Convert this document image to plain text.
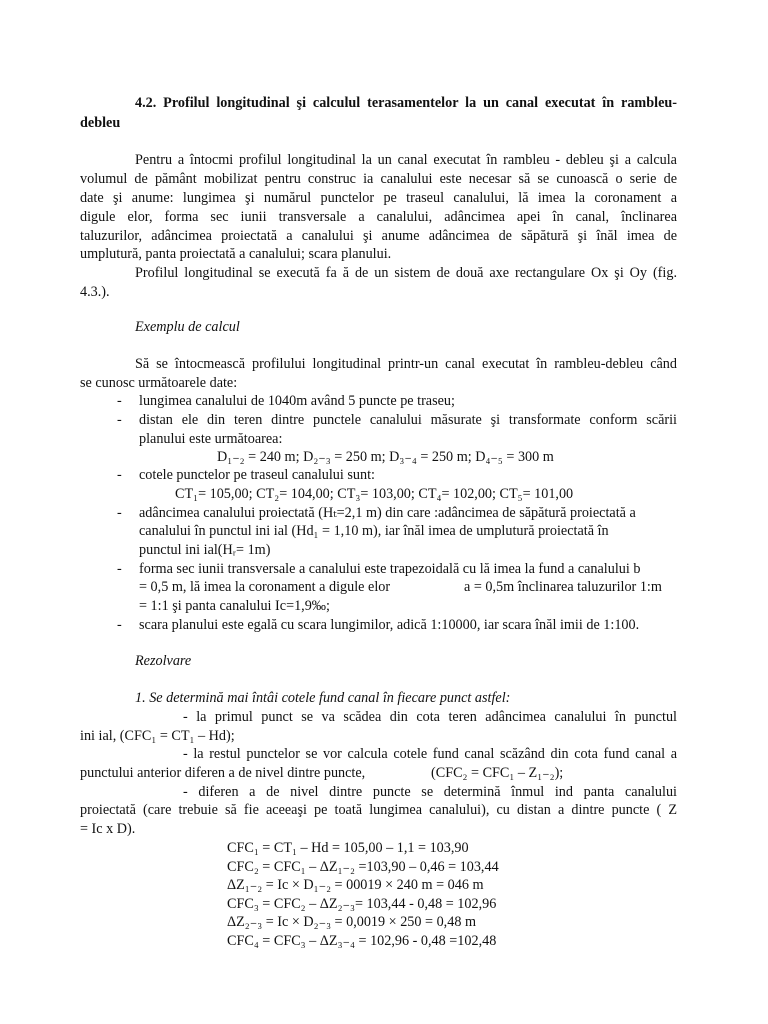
4.2. Profilul longitudinal şi calculul terasamentelor la un canal executat în rambleu-
debleu
Pentru a întocmi profilul longitudinal la un canal executat în rambleu - debleu şi a calcula
volumul de pământ mobilizat pentru construc ia canalului este necesar să se cunoască o serie de
date şi anume: lungimea şi numărul punctelor pe traseul canalului, lă imea la coronament a
digule elor, forma sec iunii transversale a canalului, adâncimea apei în canal, înclinarea
taluzurilor, adâncimea proiectată a canalului şi anume adâncimea de săpătură şi înăl imea de
umplutură, panta proiectată a canalului; scara planului.
Profilul longitudinal se execută fa ă de un sistem de două axe rectangulare Ox şi Oy (fig.
4.3.).
Exemplu de calcul
Să se întocmească profilului longitudinal printr-un canal executat în rambleu-debleu când
se cunosc următoarele date:
- lungimea canalului de 1040m având 5 puncte pe traseu;
- distan ele din teren dintre punctele canalului măsurate şi transformate conform scării
planului este următoarea:
D₁₋₂ = 240 m; D₂₋₃ = 250 m; D₃₋₄ = 250 m; D₄₋₅ = 300 m
- cotele punctelor pe traseul canalului sunt:
CT₁= 105,00; CT₂= 104,00; CT₃= 103,00; CT₄= 102,00; CT₅= 101,00
- adâncimea canalului proiectată (Hₜ=2,1 m) din care :adâncimea de săpătură proiectată a
canalului în punctul ini ial (Hd₁ = 1,10 m), iar înăl imea de umplutură proiectată în
punctul ini ial(Hᵣ= 1m)
- forma sec iunii transversale a canalului este trapezoidală cu lă imea la fund a canalului b
= 0,5 m, lă imea la coronament a digule elor	a = 0,5m înclinarea taluzurilor 1:m
= 1:1 şi panta canalului Ic=1,9‰;
- scara planului este egală cu scara lungimilor, adică 1:10000, iar scara înăl imii de 1:100.
Rezolvare
1. Se determină mai întâi cotele fund canal în fiecare punct astfel:
- la primul punct se va scădea din cota teren adâncimea canalului în punctul
ini ial, (CFC₁ = CT₁ – Hd);
- la restul punctelor se vor calcula cotele fund canal scăzând din cota fund canal a
punctului anterior diferen a de nivel dintre puncte,	(CFC₂ = CFC₁ – Z₁₋₂);
- diferen a de nivel dintre puncte se determină înmul ind panta canalului
proiectată (care trebuie să fie aceeaşi pe toată lungimea canalului), cu distan a dintre puncte ( Z
= Ic x D).
CFC₁ = CT₁ – Hd = 105,00 – 1,1 = 103,90
CFC₂ = CFC₁ – ΔZ₁₋₂ =103,90 – 0,46 = 103,44
ΔZ₁₋₂ = Ic × D₁₋₂ = 00019 × 240 m = 046 m
CFC₃ = CFC₂ – ΔZ₂₋₃= 103,44 - 0,48 = 102,96
ΔZ₂₋₃ = Ic × D₂₋₃ = 0,0019 × 250 = 0,48 m
CFC₄ = CFC₃ – ΔZ₃₋₄ = 102,96 - 0,48 =102,48
